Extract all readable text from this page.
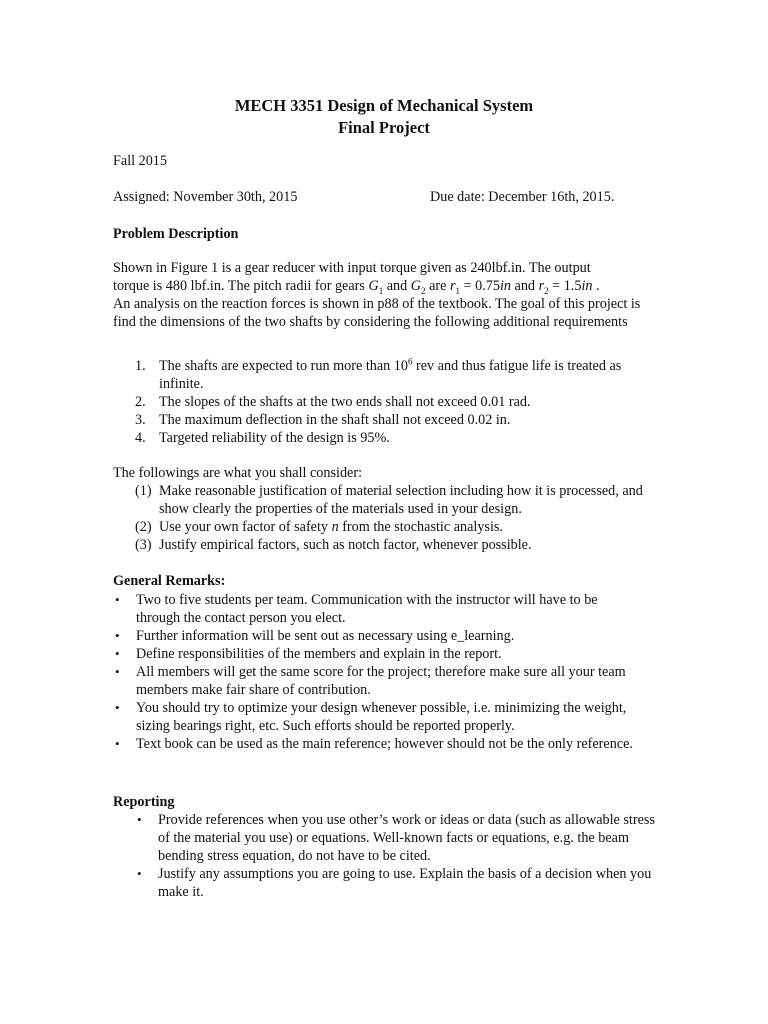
MECH 3351 Design of Mechanical System
Final Project
Fall 2015
Assigned: November 30th, 2015	Due date: December 16th, 2015.
Problem Description

Shown in Figure 1 is a gear reducer with input torque given as 240lbf.in. The output

torque is 480 lbf.in. The pitch radii for gears $G_1$ and $G_2$ are $r_1 = 0.75in$ and $r_2 = 1.5in$ .

An analysis on the reaction forces is shown in p88 of the textbook. The goal of this project is find the dimensions of the two shafts by considering the following additional requirements

1. The shafts are expected to run more than $10^6$ rev and thus fatigue life is treated as infinite.
2. The slopes of the shafts at the two ends shall not exceed 0.01 rad.
3. The maximum deflection in the shaft shall not exceed 0.02 in.
4. Targeted reliability of the design is 95%.
The followings are what you shall consider:
(1) Make reasonable justification of material selection including how it is processed, and show clearly the properties of the materials used in your design.
(2) Use your own factor of safety n from the stochastic analysis.
(3) Justify empirical factors, such as notch factor, whenever possible.
General Remarks:
• Two to five students per team. Communication with the instructor will have to be through the contact person you elect.
• Further information will be sent out as necessary using e_learning.
• Define responsibilities of the members and explain in the report.
• All members will get the same score for the project; therefore make sure all your team members make fair share of contribution.
• You should try to optimize your design whenever possible, i.e. minimizing the weight, sizing bearings right, etc. Such efforts should be reported properly.
• Text book can be used as the main reference; however should not be the only reference.
Reporting
• Provide references when you use other’s work or ideas or data (such as allowable stress of the material you use) or equations. Well-known facts or equations, e.g. the beam bending stress equation, do not have to be cited.
• Justify any assumptions you are going to use. Explain the basis of a decision when you make it.
